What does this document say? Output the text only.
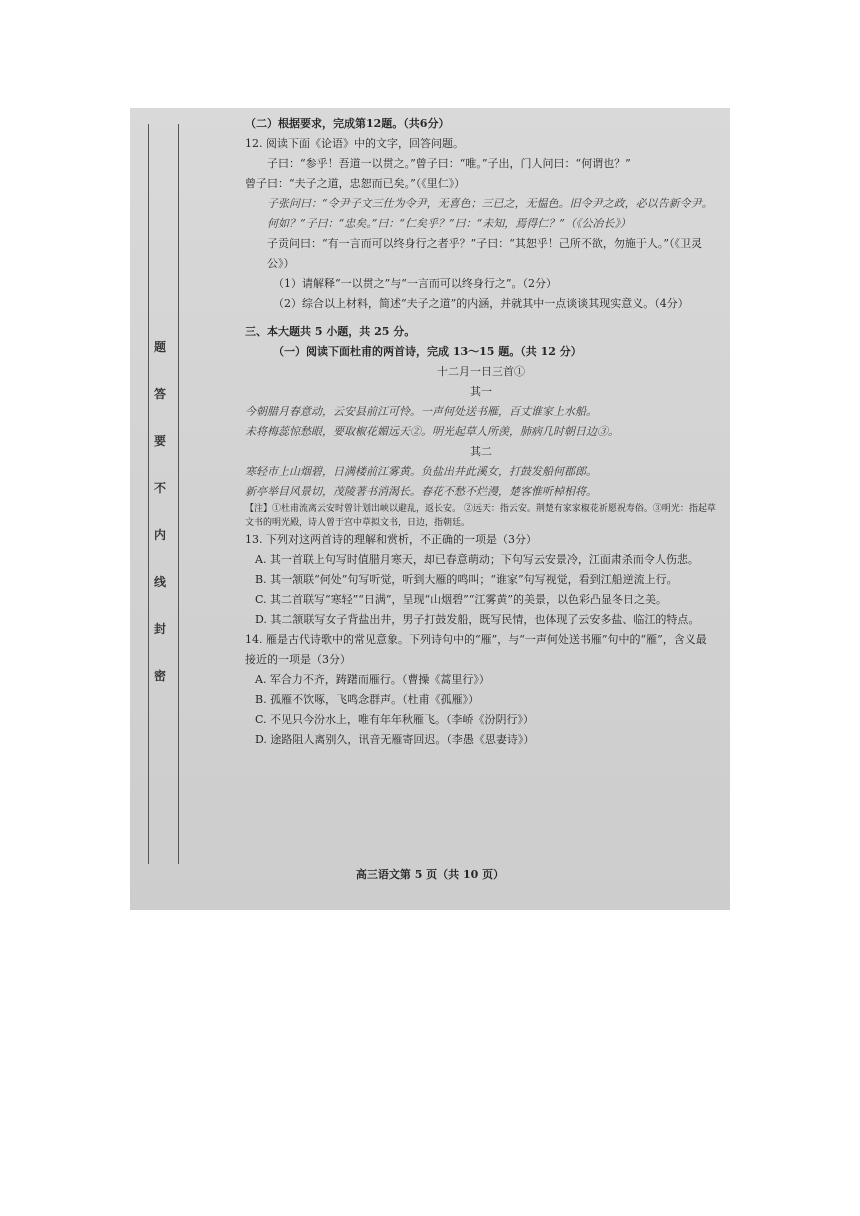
题
答
要
不
内
线
封
密

（二）根据要求，完成第12题。（共6分）

12. 阅读下面《论语》中的文字，回答问题。

子曰：“参乎！吾道一以贯之。”曾子曰：“唯。”子出，门人问曰：“何谓也？”

曾子曰：“夫子之道，忠恕而已矣。”（《里仁》）

子张问曰：“令尹子文三仕为令尹，无喜色；三已之，无愠色。旧令尹之政，必以告新令尹。何如？”子曰：“忠矣。”曰：“仁矣乎？”曰：“未知，焉得仁？”（《公冶长》）

子贡问曰：“有一言而可以终身行之者乎？”子曰：“其恕乎！己所不欲，勿施于人。”（《卫灵公》）

（1）请解释“一以贯之”与“一言而可以终身行之”。（2分）

（2）综合以上材料，简述“夫子之道”的内涵，并就其中一点谈谈其现实意义。（4分）

三、本大题共 5 小题，共 25 分。

（一）阅读下面杜甫的两首诗，完成 13～15 题。（共 12 分）

十二月一日三首①

其一

今朝腊月春意动，云安县前江可怜。一声何处送书雁，百丈谁家上水船。

未将梅蕊惊愁眼，要取椒花媚远天②。明光起草人所羡，肺病几时朝日边③。

其二

寒轻市上山烟碧，日满楼前江雾黄。负盐出井此溪女，打鼓发船何郡郎。

新亭举目风景切，茂陵著书消渴长。春花不愁不烂漫，楚客惟听棹相将。

【注】①杜甫流离云安时曾计划出峡以避乱，返长安。 ②远天：指云安。荆楚有家家椒花祈愿祝寿俗。③明光：指起草文书的明光殿，诗人曾于宫中草拟文书，日边，指朝廷。

13. 下列对这两首诗的理解和赏析，不正确的一项是（3分）

A. 其一首联上句写时值腊月寒天，却已春意萌动；下句写云安景冷，江面肃杀而令人伤悲。

B. 其一颔联“何处”句写听觉，听到大雁的鸣叫；“谁家”句写视觉，看到江船逆流上行。

C. 其二首联写“寒轻”“日满”，呈现“山烟碧”“江雾黄”的美景，以色彩凸显冬日之美。

D. 其二颔联写女子背盐出井，男子打鼓发船，既写民情，也体现了云安多盐、临江的特点。

14. 雁是古代诗歌中的常见意象。下列诗句中的“雁”，与“一声何处送书雁”句中的“雁”，含义最接近的一项是（3分）

A. 军合力不齐，踌躇而雁行。（曹操《蒿里行》）

B. 孤雁不饮啄，飞鸣念群声。（杜甫《孤雁》）

C. 不见只今汾水上，唯有年年秋雁飞。（李峤《汾阴行》）

D. 途路阻人离别久，讯音无雁寄回迟。（李愚《思妻诗》）

高三语文第 5 页（共 10 页）
